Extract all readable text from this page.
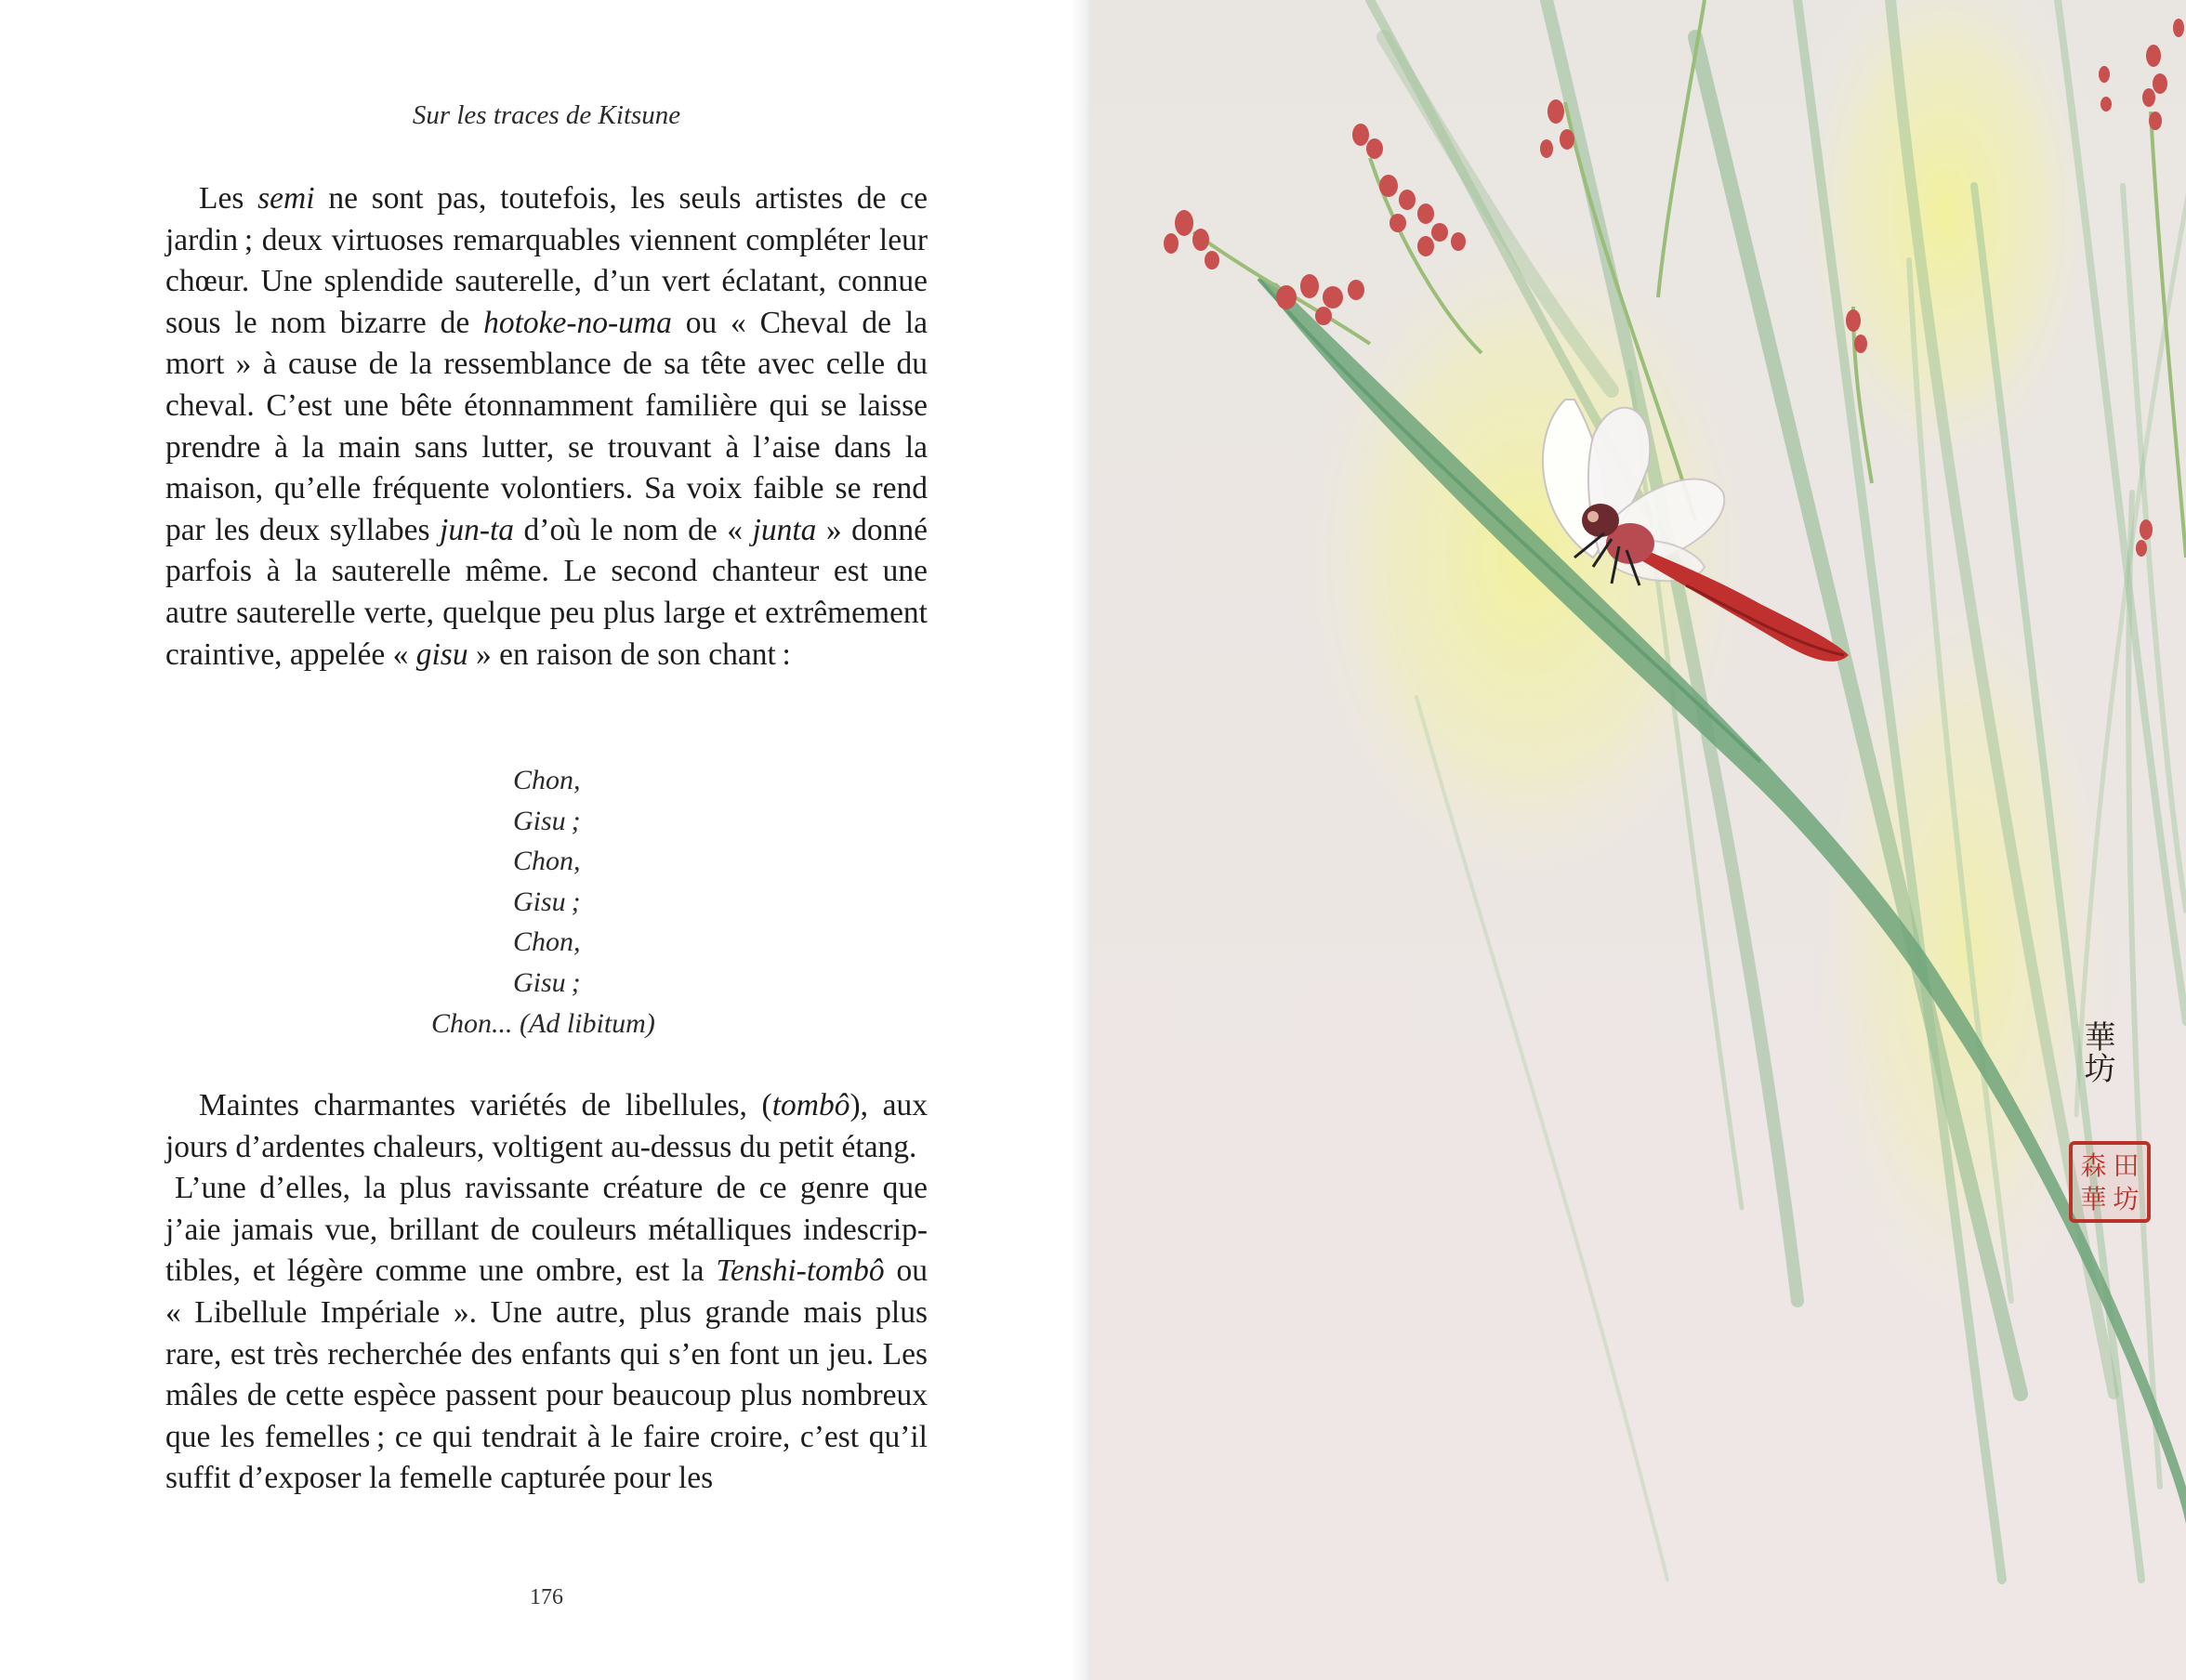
Sur les traces de Kitsune

Les semi ne sont pas, toutefois, les seuls artistes de ce jardin ; deux virtuoses remarquables viennent compléter leur chœur. Une splendide sauterelle, d’un vert éclatant, connue sous le nom bizarre de hotoke-no-uma ou « Cheval de la mort » à cause de la ressemblance de sa tête avec celle du cheval. C’est une bête étonnamment familière qui se laisse prendre à la main sans lutter, se trouvant à l’aise dans la maison, qu’elle fréquente volontiers. Sa voix faible se rend par les deux syllabes jun-ta d’où le nom de « junta » donné parfois à la sauterelle même. Le second chanteur est une autre sauterelle verte, quelque peu plus large et extrêmement craintive, appelée « gisu » en raison de son chant :

Chon,
Gisu ;
Chon,
Gisu ;
Chon,
Gisu ;
Chon... (Ad libitum)

Maintes charmantes variétés de libellules, (tombô), aux jours d’ardentes chaleurs, voltigent au-dessus du petit étang.

L’une d’elles, la plus ravissante créature de ce genre que j’aie jamais vue, brillant de couleurs métalliques indescriptibles, et légère comme une ombre, est la Tenshi-tombô ou « Libellule Impériale ». Une autre, plus grande mais plus rare, est très recherchée des enfants qui s’en font un jeu. Les mâles de cette espèce passent pour beaucoup plus nombreux que les femelles ; ce qui tendrait à le faire croire, c’est qu’il suffit d’exposer la femelle capturée pour les

176
華坊
森 田
華 坊
